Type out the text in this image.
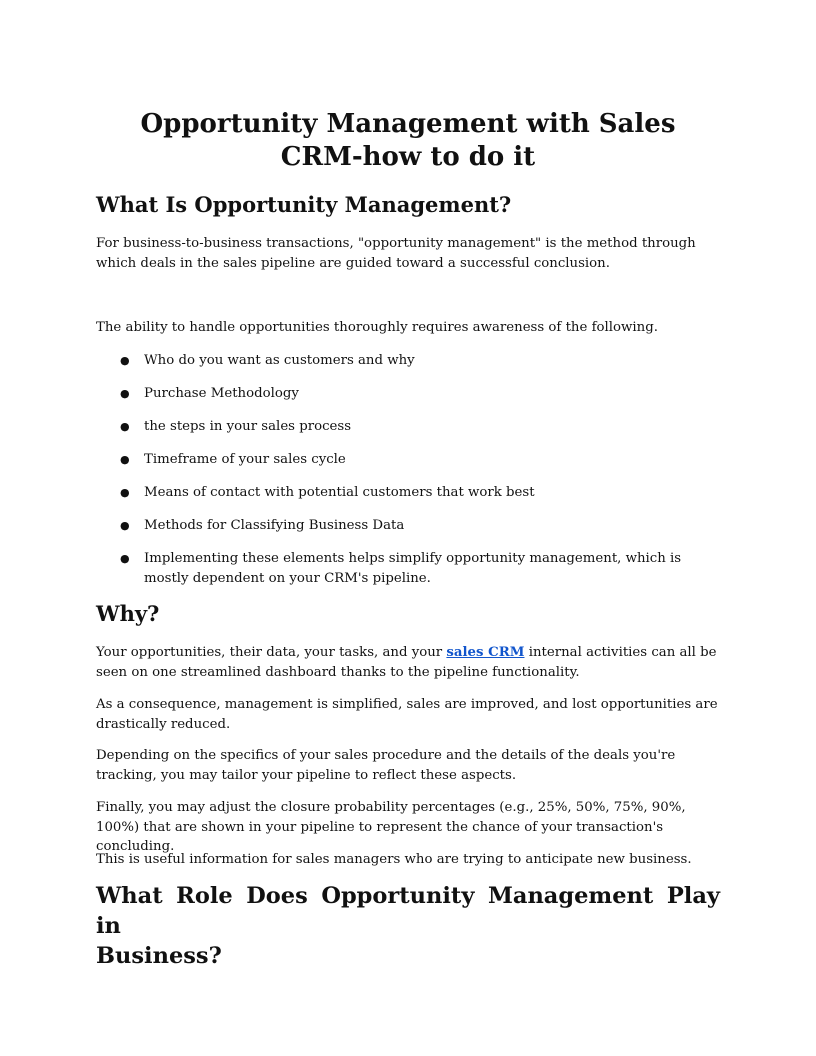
Opportunity Management with Sales
CRM-how to do it
What Is Opportunity Management?

For business-to-business transactions, "opportunity management" is the method through which deals in the sales pipeline are guided toward a successful conclusion.

The ability to handle opportunities thoroughly requires awareness of the following.

● Who do you want as customers and why
● Purchase Methodology
● the steps in your sales process
● Timeframe of your sales cycle
● Means of contact with potential customers that work best
● Methods for Classifying Business Data
● Implementing these elements helps simplify opportunity management, which is mostly dependent on your CRM's pipeline.
Why?

Your opportunities, their data, your tasks, and your sales CRM internal activities can all be seen on one streamlined dashboard thanks to the pipeline functionality.

As a consequence, management is simplified, sales are improved, and lost opportunities are drastically reduced.

Depending on the specifics of your sales procedure and the details of the deals you're tracking, you may tailor your pipeline to reflect these aspects.

Finally, you may adjust the closure probability percentages (e.g., 25%, 50%, 75%, 90%, 100%) that are shown in your pipeline to represent the chance of your transaction's concluding.

This is useful information for sales managers who are trying to anticipate new business.

What Role Does Opportunity Management Play in
Business?
